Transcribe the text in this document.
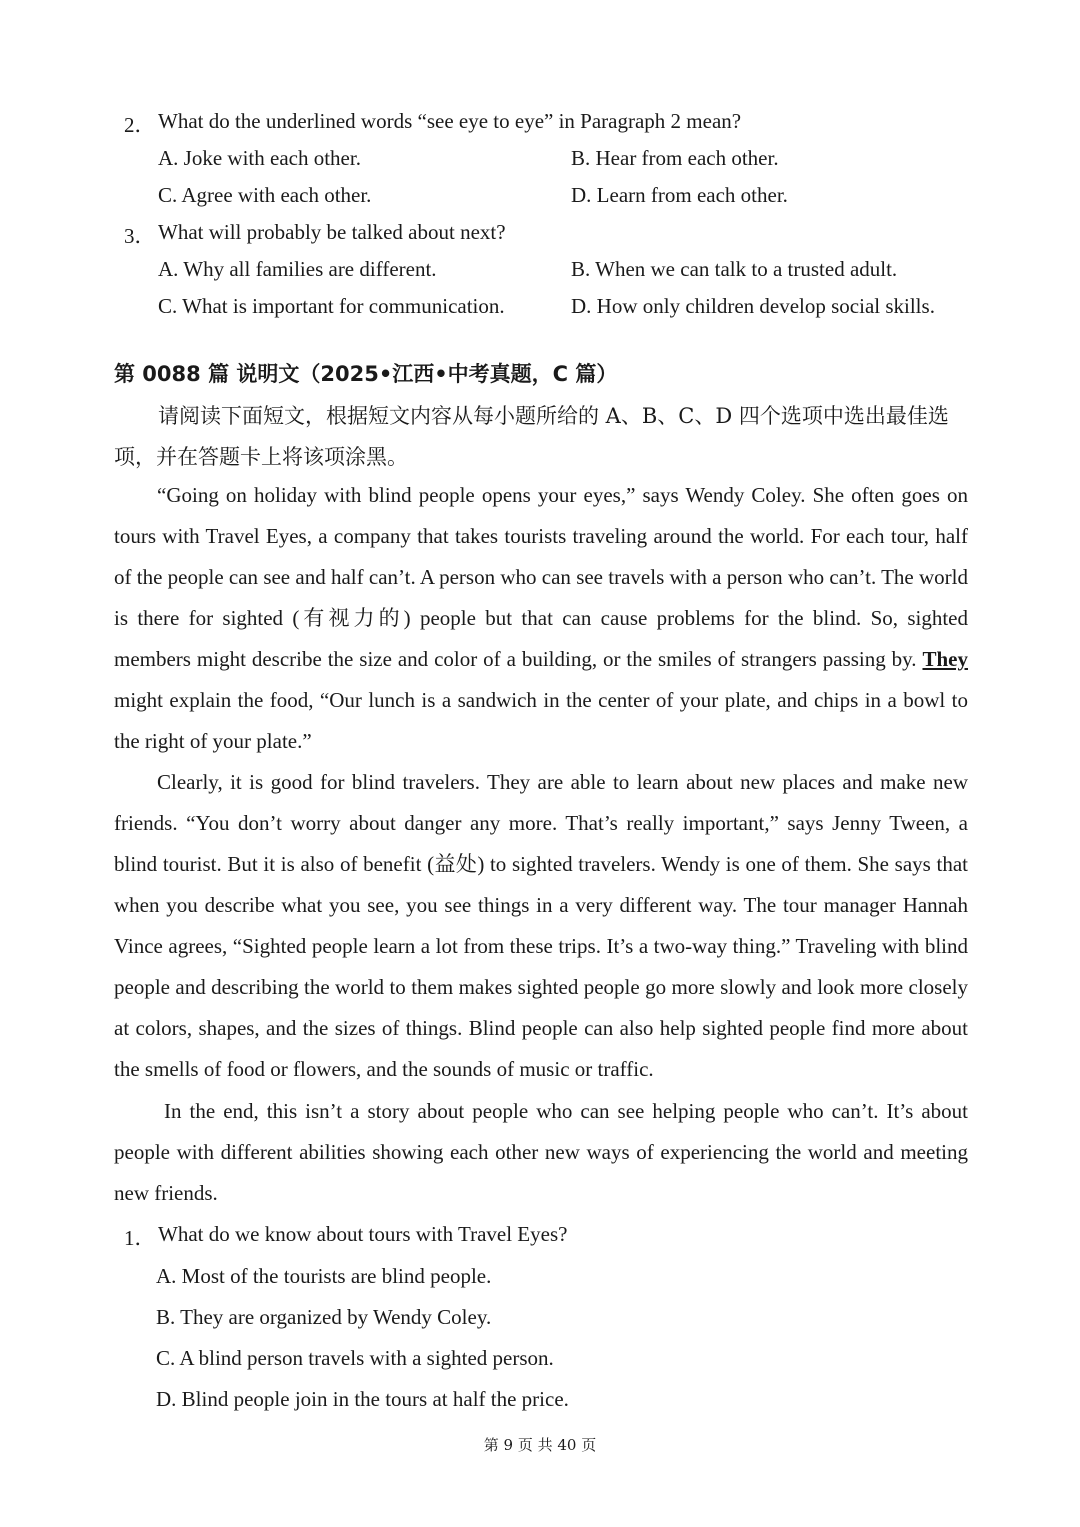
2． What do the underlined words “see eye to eye” in Paragraph 2 mean?
A. Joke with each other.	B. Hear from each other.
C. Agree with each other.	D. Learn from each other.
3． What will probably be talked about next?
A. Why all families are different.	B. When we can talk to a trusted adult.
C. What is important for communication.	D. How only children develop social skills.
第 0088 篇 说明文（2025•江西•中考真题，C 篇）
请阅读下面短文，根据短文内容从每小题所给的 A、B、C、D 四个选项中选出最佳选
项，并在答题卡上将该项涂黑。
“Going on holiday with blind people opens your eyes,” says Wendy Coley. She often goes on tours with Travel Eyes, a company that takes tourists traveling around the world. For each tour, half of the people can see and half can’t. A person who can see travels with a person who can’t. The world is there for sighted (有视力的) people but that can cause problems for the blind. So, sighted members might describe the size and color of a building, or the smiles of strangers passing by. They might explain the food, “Our lunch is a sandwich in the center of your plate, and chips in a bowl to the right of your plate.”
Clearly, it is good for blind travelers. They are able to learn about new places and make new friends. “You don’t worry about danger any more. That’s really important,” says Jenny Tween, a blind tourist. But it is also of benefit (益处) to sighted travelers. Wendy is one of them. She says that when you describe what you see, you see things in a very different way. The tour manager Hannah Vince agrees, “Sighted people learn a lot from these trips. It’s a two-way thing.” Traveling with blind people and describing the world to them makes sighted people go more slowly and look more closely at colors, shapes, and the sizes of things. Blind people can also help sighted people find more about the smells of food or flowers, and the sounds of music or traffic.
In the end, this isn’t a story about people who can see helping people who can’t. It’s about people with different abilities showing each other new ways of experiencing the world and meeting new friends.
1． What do we know about tours with Travel Eyes?
A. Most of the tourists are blind people.
B. They are organized by Wendy Coley.
C. A blind person travels with a sighted person.
D. Blind people join in the tours at half the price.
第 9 页 共 40 页
